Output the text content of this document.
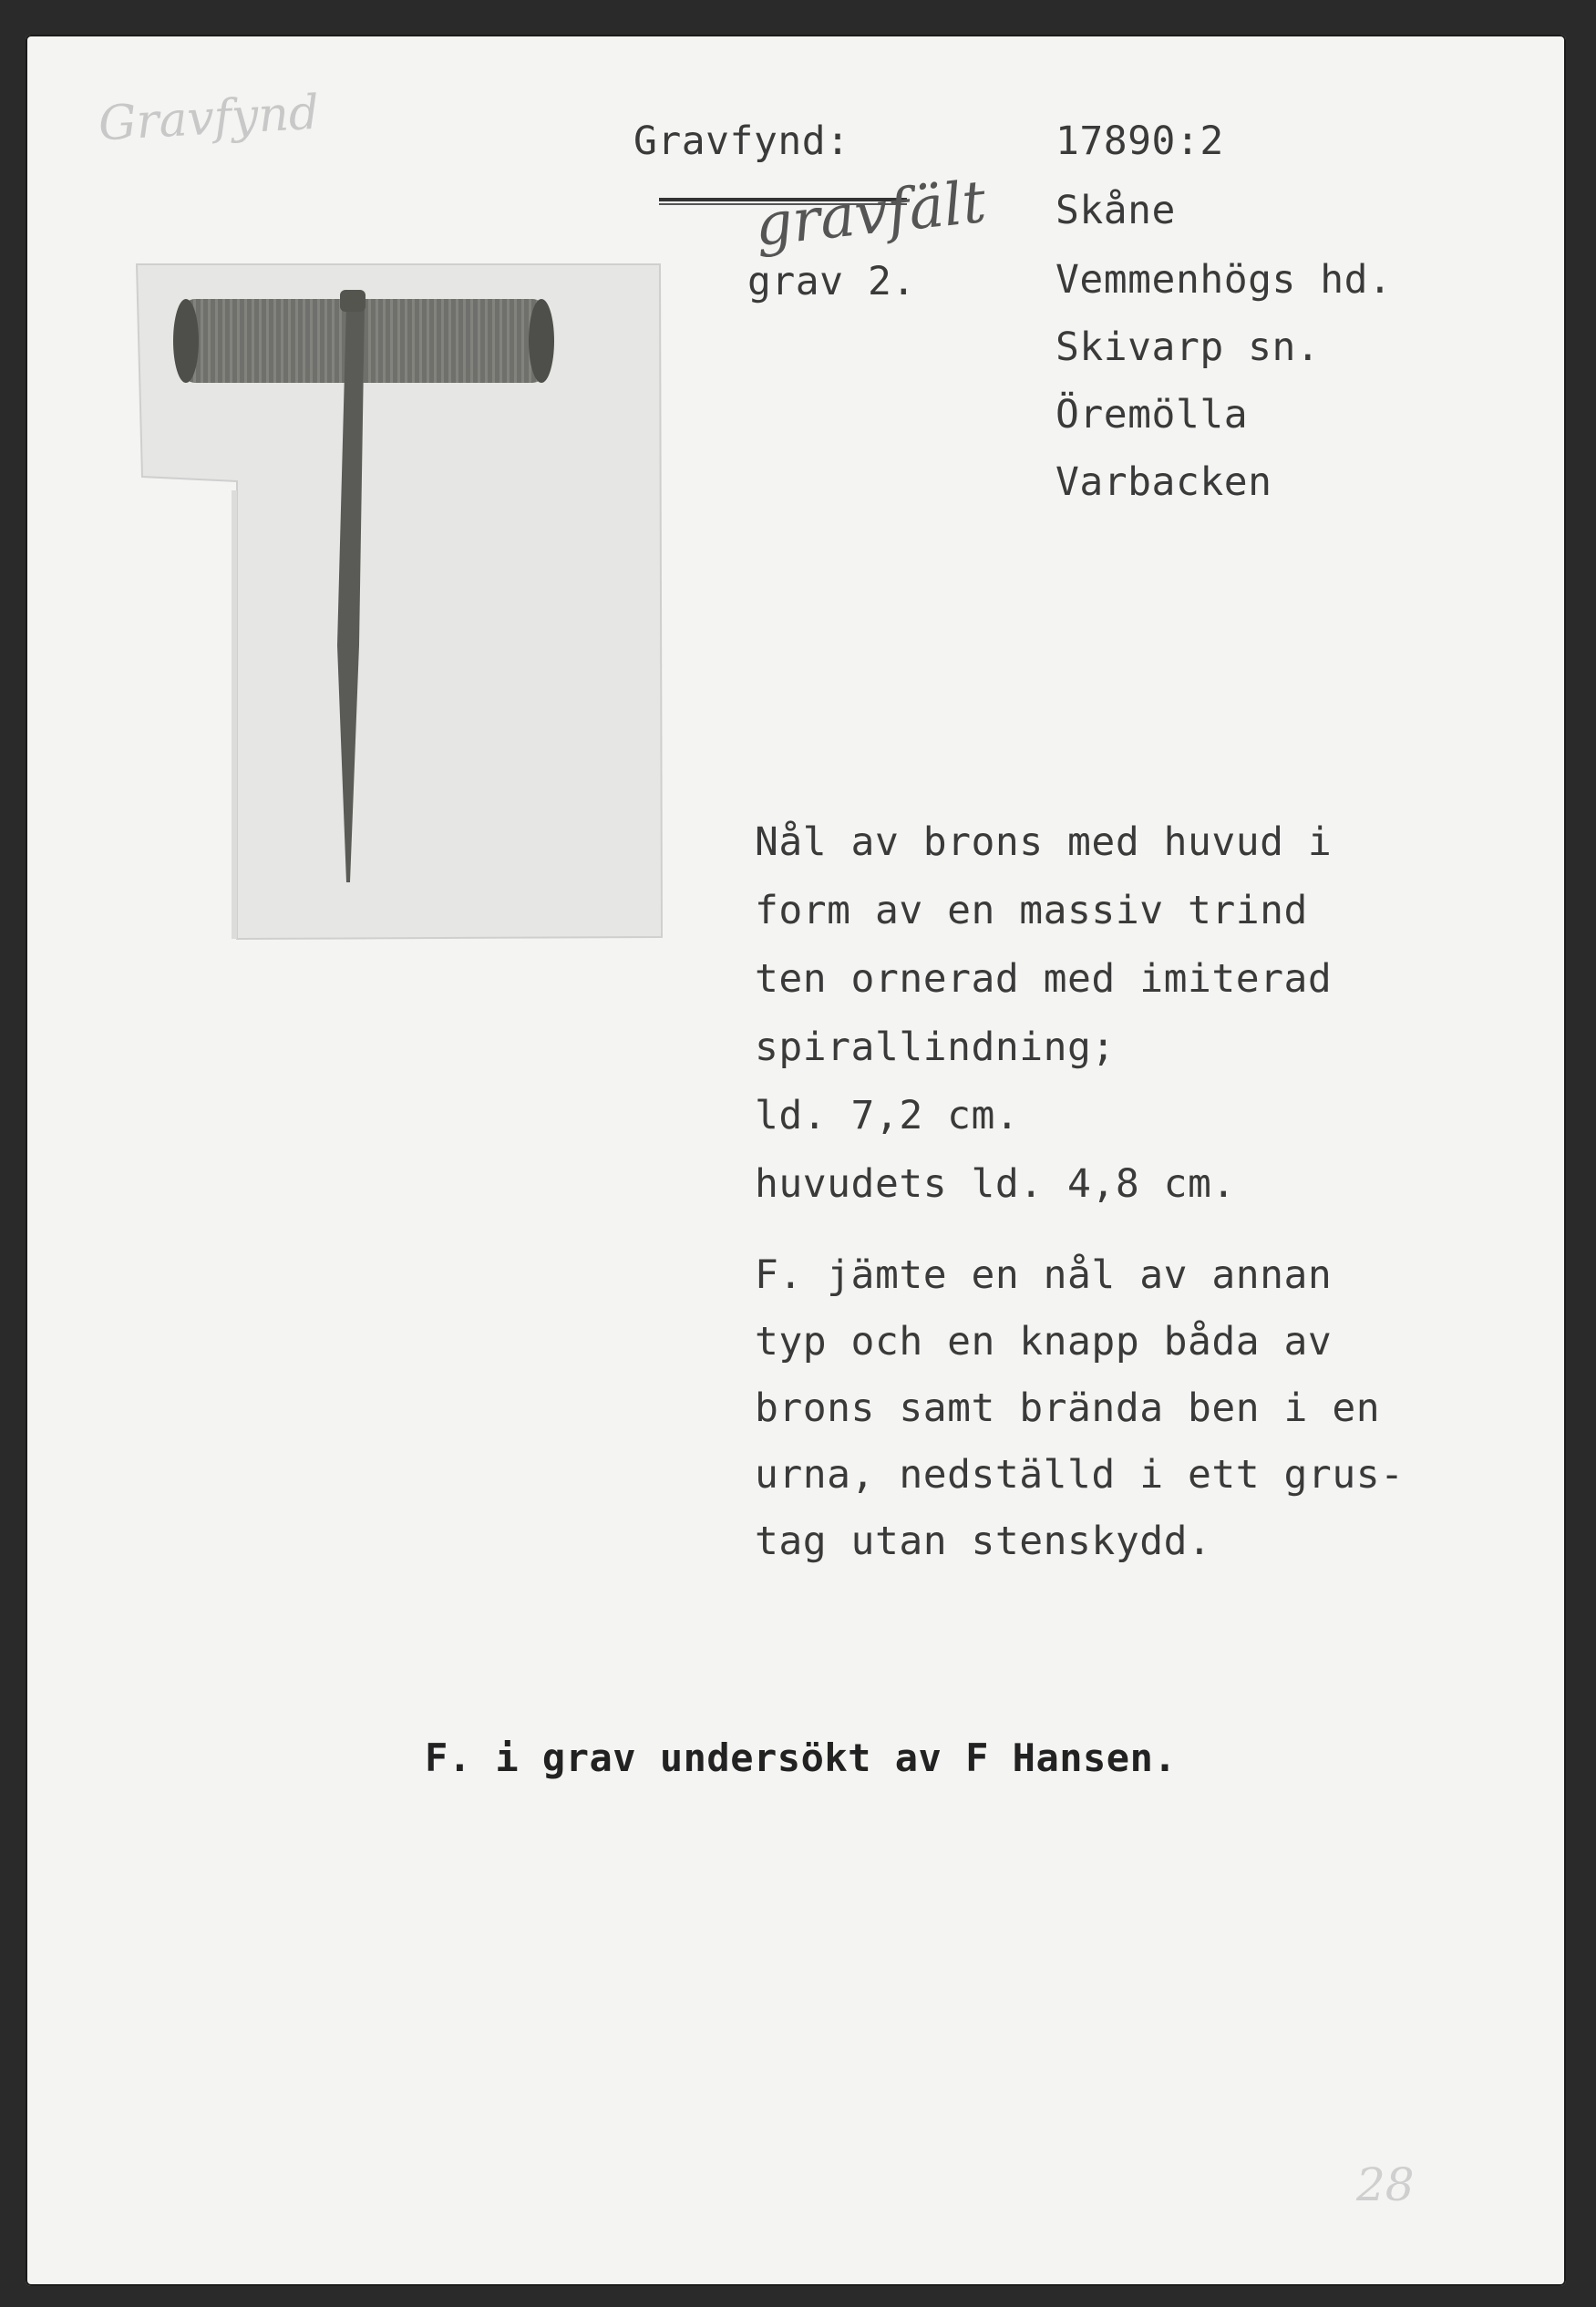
Gravfynd	Gravfynd:
gravfält
grav 2.
17890:2
Skåne
Vemmenhögs hd.
Skivarp sn.
Öremölla
Varbacken
Nål av brons med huvud i
form av en massiv trind
ten ornerad med imiterad
spirallindning;
ld. 7,2 cm.
huvudets ld. 4,8 cm.
F. jämte en nål av annan
typ och en knapp båda av
brons samt brända ben i en
urna, nedställd i ett grus-
tag utan stenskydd.
F. i grav undersökt av F Hansen.
28
